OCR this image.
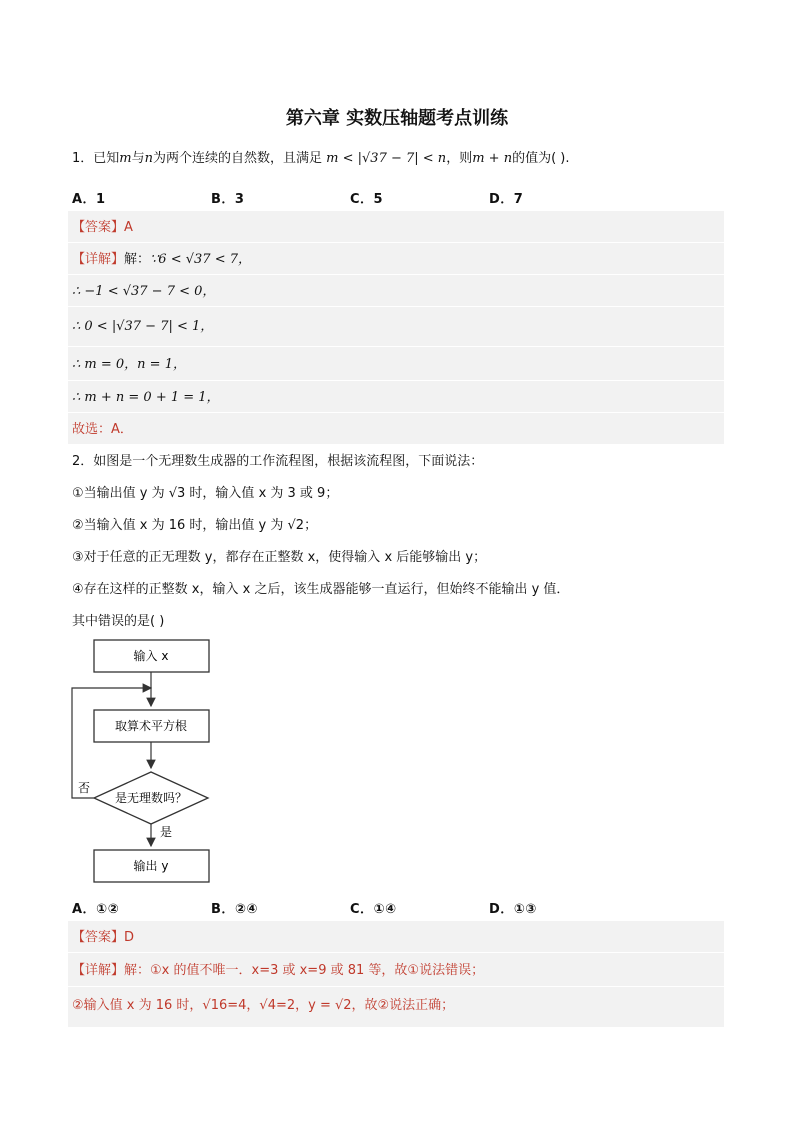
第六章 实数压轴题考点训练
1．已知m与n为两个连续的自然数，且满足 m < |√37 − 7| < n，则m + n的值为( ).
A．1	B．3	C．5	D．7
【答案】A
【详解】解：∵6 < √37 < 7，
∴ −1 < √37 − 7 < 0，
∴ 0 < |√37 − 7| < 1，
∴ m = 0，n = 1，
∴ m + n = 0 + 1 = 1，
故选：A．
2．如图是一个无理数生成器的工作流程图，根据该流程图，下面说法：
①当输出值 y 为 √3 时，输入值 x 为 3 或 9；
②当输入值 x 为 16 时，输出值 y 为 √2；
③对于任意的正无理数 y，都存在正整数 x，使得输入 x 后能够输出 y；
④存在这样的正整数 x，输入 x 之后，该生成器能够一直运行，但始终不能输出 y 值．
其中错误的是( )
输入 x
取算术平方根
是无理数吗？
否
是
输出 y
A．①②	B．②④	C．①④	D．①③
【答案】D
【详解】解：①x 的值不唯一．x=3 或 x=9 或 81 等，故①说法错误；
②输入值 x 为 16 时，√16=4，√4=2，y = √2，故②说法正确；
